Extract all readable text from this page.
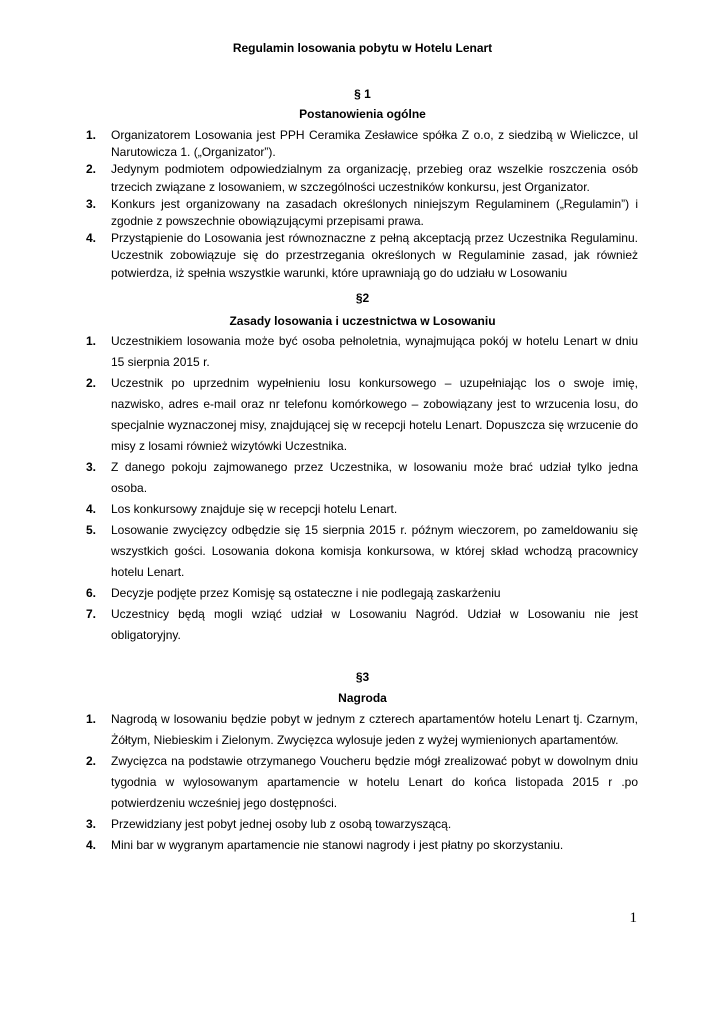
Regulamin losowania pobytu w Hotelu Lenart
§ 1
Postanowienia ogólne
1. Organizatorem Losowania jest PPH Ceramika Zesławice spółka Z o.o, z siedzibą w Wieliczce, ul Narutowicza 1. („Organizator”).
2. Jedynym podmiotem odpowiedzialnym za organizację, przebieg oraz wszelkie roszczenia osób trzecich związane z losowaniem, w szczególności uczestników konkursu, jest Organizator.
3. Konkurs jest organizowany na zasadach określonych niniejszym Regulaminem („Regulamin”) i zgodnie z powszechnie obowiązującymi przepisami prawa.
4. Przystąpienie do Losowania jest równoznaczne z pełną akceptacją przez Uczestnika Regulaminu. Uczestnik zobowiązuje się do przestrzegania określonych w Regulaminie zasad, jak również potwierdza, iż spełnia wszystkie warunki, które uprawniają go do udziału w Losowaniu
§2
Zasady losowania i uczestnictwa w Losowaniu
1. Uczestnikiem losowania może być osoba pełnoletnia, wynajmująca pokój w hotelu Lenart w dniu 15 sierpnia 2015 r.
2. Uczestnik po uprzednim wypełnieniu losu konkursowego – uzupełniając los o swoje imię, nazwisko, adres e-mail oraz nr telefonu komórkowego – zobowiązany jest to wrzucenia losu, do specjalnie wyznaczonej misy, znajdującej się w recepcji hotelu Lenart. Dopuszcza się wrzucenie do misy z losami również wizytówki Uczestnika.
3. Z danego pokoju zajmowanego przez Uczestnika, w losowaniu może brać udział tylko jedna osoba.
4. Los konkursowy znajduje się w recepcji hotelu Lenart.
5. Losowanie zwycięzcy odbędzie się 15 sierpnia 2015 r. późnym wieczorem, po zameldowaniu się wszystkich gości. Losowania dokona komisja konkursowa, w której skład wchodzą pracownicy hotelu Lenart.
6. Decyzje podjęte przez Komisję są ostateczne i nie podlegają zaskarżeniu
7. Uczestnicy będą mogli wziąć udział w Losowaniu Nagród. Udział w Losowaniu nie jest obligatoryjny.
§3
Nagroda
1. Nagrodą w losowaniu będzie pobyt w jednym z czterech apartamentów hotelu Lenart tj. Czarnym, Żółtym, Niebieskim i Zielonym. Zwycięzca wylosuje jeden z wyżej wymienionych apartamentów.
2. Zwycięzca na podstawie otrzymanego Voucheru będzie mógł zrealizować pobyt w dowolnym dniu tygodnia w wylosowanym apartamencie w hotelu Lenart do końca listopada 2015 r .po potwierdzeniu wcześniej jego dostępności.
3. Przewidziany jest pobyt jednej osoby lub z osobą towarzyszącą.
4. Mini bar w wygranym apartamencie nie stanowi nagrody i jest płatny po skorzystaniu.
1
